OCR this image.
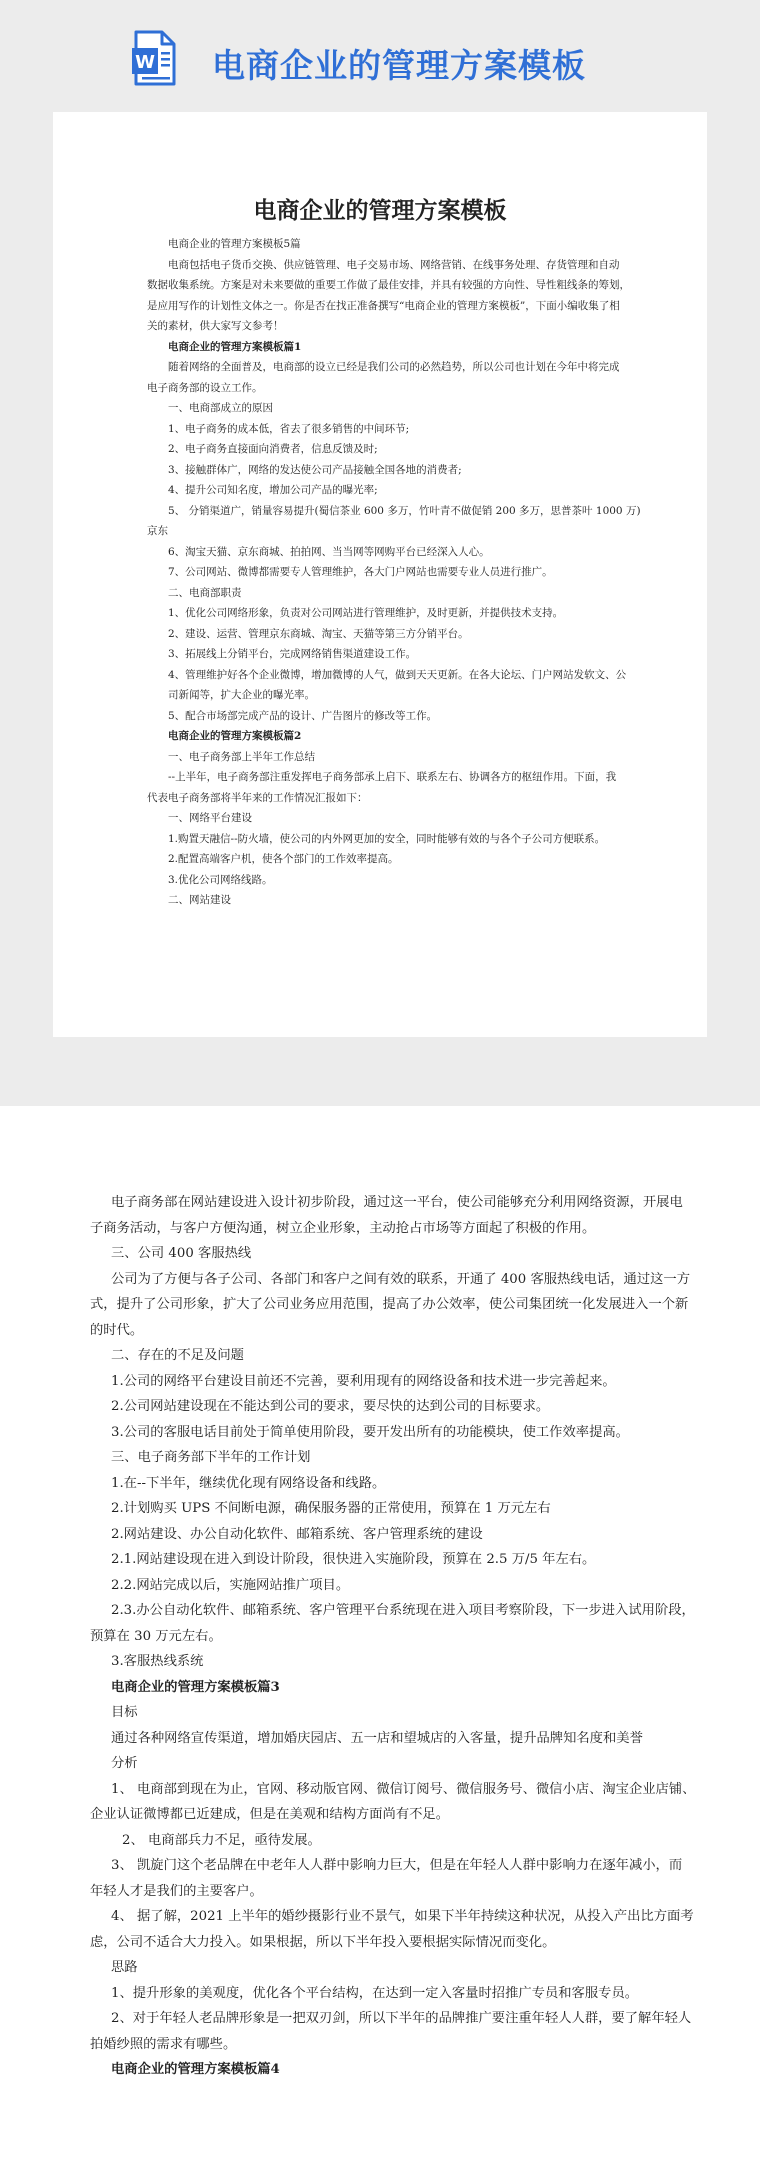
W 电商企业的管理方案模板
电商企业的管理方案模板

电商企业的管理方案模板5篇

电商包括电子货币交换、供应链管理、电子交易市场、网络营销、在线事务处理、存货管理和自动

数据收集系统。方案是对未来要做的重要工作做了最佳安排，并具有较强的方向性、导性粗线条的筹划，

是应用写作的计划性文体之一。你是否在找正准备撰写“电商企业的管理方案模板”，下面小编收集了相

关的素材，供大家写文参考！

电商企业的管理方案模板篇1

随着网络的全面普及，电商部的设立已经是我们公司的必然趋势，所以公司也计划在今年中将完成

电子商务部的设立工作。

一、电商部成立的原因

1、电子商务的成本低，省去了很多销售的中间环节;

2、电子商务直接面向消费者，信息反馈及时;

3、接触群体广，网络的发达使公司产品接触全国各地的消费者;

4、提升公司知名度，增加公司产品的曝光率;

5、 分销渠道广，销量容易提升(蜀信茶业 600 多万，竹叶青不做促销 200 多万，思普茶叶 1000 万)

京东

6、淘宝天猫、京东商城、拍拍网、当当网等网购平台已经深入人心。

7、公司网站、微博都需要专人管理维护，各大门户网站也需要专业人员进行推广。

二、电商部职责

1、优化公司网络形象，负责对公司网站进行管理维护，及时更新，并提供技术支持。

2、建设、运营、管理京东商城、淘宝、天猫等第三方分销平台。

3、拓展线上分销平台，完成网络销售渠道建设工作。

4、管理维护好各个企业微博，增加微博的人气，做到天天更新。在各大论坛、门户网站发软文、公

司新闻等，扩大企业的曝光率。

5、配合市场部完成产品的设计、广告图片的修改等工作。

电商企业的管理方案模板篇2

一、电子商务部上半年工作总结

--上半年，电子商务部注重发挥电子商务部承上启下、联系左右、协调各方的枢纽作用。下面，我

代表电子商务部将半年来的工作情况汇报如下：

一、网络平台建设

1.购置天融信--防火墙，使公司的内外网更加的安全，同时能够有效的与各个子公司方便联系。

2.配置高端客户机，使各个部门的工作效率提高。

3.优化公司网络线路。

二、网站建设

电子商务部在网站建设进入设计初步阶段，通过这一平台，使公司能够充分利用网络资源，开展电

子商务活动，与客户方便沟通，树立企业形象，主动抢占市场等方面起了积极的作用。

三、公司 400 客服热线

公司为了方便与各子公司、各部门和客户之间有效的联系，开通了 400 客服热线电话，通过这一方

式，提升了公司形象，扩大了公司业务应用范围，提高了办公效率，使公司集团统一化发展进入一个新

的时代。

二、存在的不足及问题

1.公司的网络平台建设目前还不完善，要利用现有的网络设备和技术进一步完善起来。

2.公司网站建设现在不能达到公司的要求，要尽快的达到公司的目标要求。

3.公司的客服电话目前处于简单使用阶段，要开发出所有的功能模块，使工作效率提高。

三、电子商务部下半年的工作计划

1.在--下半年，继续优化现有网络设备和线路。

2.计划购买 UPS 不间断电源，确保服务器的正常使用，预算在 1 万元左右

2.网站建设、办公自动化软件、邮箱系统、客户管理系统的建设

2.1.网站建设现在进入到设计阶段，很快进入实施阶段，预算在 2.5 万/5 年左右。

2.2.网站完成以后，实施网站推广项目。

2.3.办公自动化软件、邮箱系统、客户管理平台系统现在进入项目考察阶段，下一步进入试用阶段，

预算在 30 万元左右。

3.客服热线系统

电商企业的管理方案模板篇3

目标

通过各种网络宣传渠道，增加婚庆园店、五一店和望城店的入客量，提升品牌知名度和美誉

分析

1、 电商部到现在为止，官网、移动版官网、微信订阅号、微信服务号、微信小店、淘宝企业店铺、

企业认证微博都已近建成，但是在美观和结构方面尚有不足。

2、 电商部兵力不足，亟待发展。

3、 凯旋门这个老品牌在中老年人人群中影响力巨大，但是在年轻人人群中影响力在逐年减小，而

年轻人才是我们的主要客户。

4、 据了解，2021 上半年的婚纱摄影行业不景气，如果下半年持续这种状况，从投入产出比方面考

虑，公司不适合大力投入。如果根据，所以下半年投入要根据实际情况而变化。

思路

1、提升形象的美观度，优化各个平台结构，在达到一定入客量时招推广专员和客服专员。

2、对于年轻人老品牌形象是一把双刃剑，所以下半年的品牌推广要注重年轻人人群，要了解年轻人

拍婚纱照的需求有哪些。

电商企业的管理方案模板篇4
